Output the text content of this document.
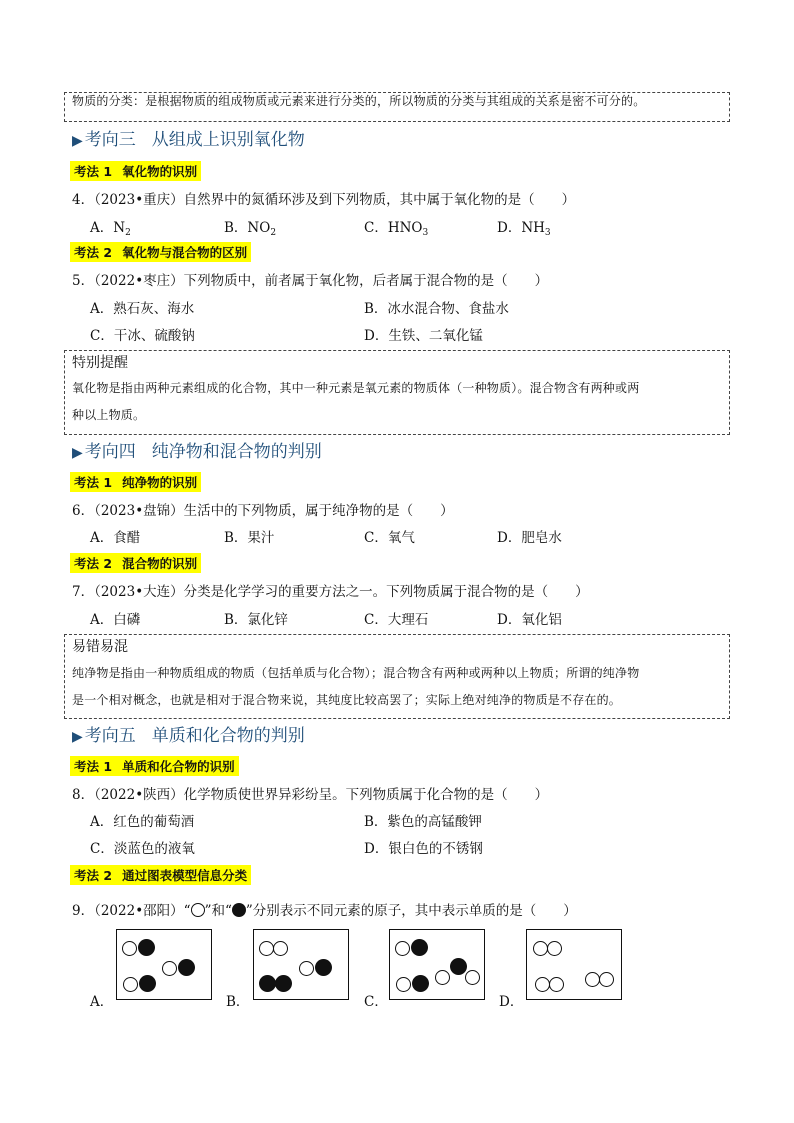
物质的分类：是根据物质的组成物质或元素来进行分类的，所以物质的分类与其组成的关系是密不可分的。
▶ 考向三 从组成上识别氧化物
考法 1 氧化物的识别
4．（2023•重庆）自然界中的氮循环涉及到下列物质，其中属于氧化物的是（　　）
A．$N_2$	B．$NO_2$	C．$HNO_3$	D．$NH_3$
考法 2 氧化物与混合物的区别
5．（2022•枣庄）下列物质中，前者属于氧化物，后者属于混合物的是（　　）
A．熟石灰、海水	B．冰水混合物、食盐水
C．干冰、硫酸钠	D．生铁、二氧化锰
特别提醒
氧化物是指由两种元素组成的化合物，其中一种元素是氧元素的物质体（一种物质）。混合物含有两种或两
种以上物质。
▶ 考向四 纯净物和混合物的判别
考法 1 纯净物的识别
6．（2023•盘锦）生活中的下列物质，属于纯净物的是（　　）
A．食醋	B．果汁	C．氧气	D．肥皂水
考法 2 混合物的识别
7．（2023•大连）分类是化学学习的重要方法之一。下列物质属于混合物的是（　　）
A．白磷	B．氯化锌	C．大理石	D．氧化铝
易错易混
纯净物是指由一种物质组成的物质（包括单质与化合物）；混合物含有两种或两种以上物质；所谓的纯净物
是一个相对概念，也就是相对于混合物来说，其纯度比较高罢了；实际上绝对纯净的物质是不存在的。
▶ 考向五 单质和化合物的判别
考法 1 单质和化合物的识别
8．（2022•陕西）化学物质使世界异彩纷呈。下列物质属于化合物的是（　　）
A．红色的葡萄酒	B．紫色的高锰酸钾
C．淡蓝色的液氧	D．银白色的不锈钢
考法 2 通过图表模型信息分类
9．（2022•邵阳）“ ”和“ ”分别表示不同元素的原子，其中表示单质的是（　　）
A．	B．	C．	D．
